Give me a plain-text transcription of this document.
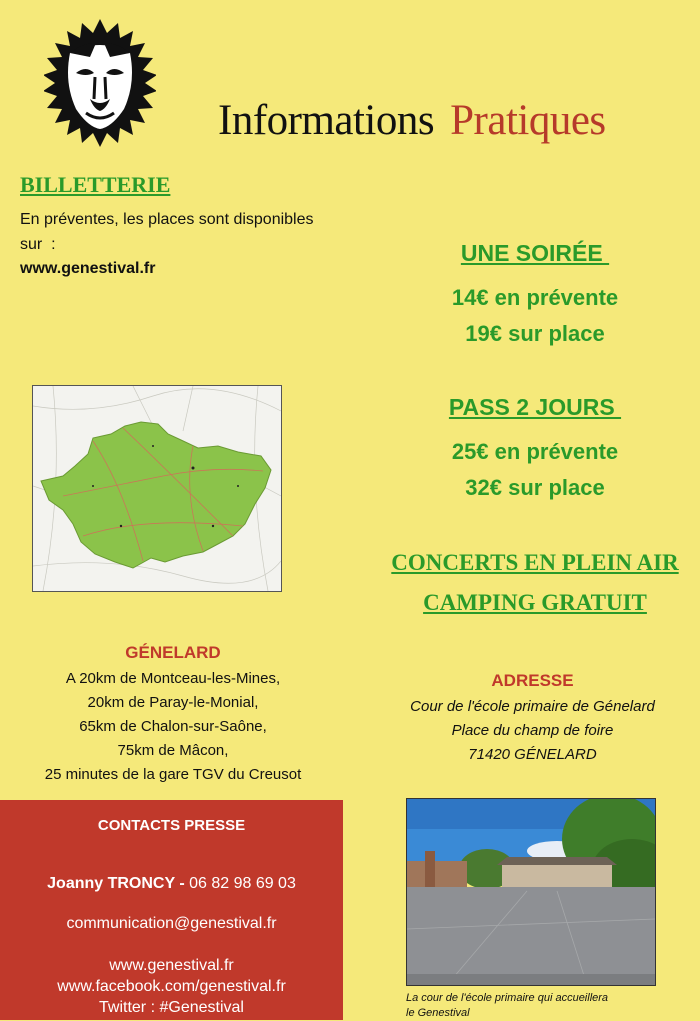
Informations Pratiques
BILLETTERIE
En préventes, les places sont disponibles
sur  :
www.genestival.fr
UNE SOIRÉE
14€ en prévente
19€ sur place
PASS 2 JOURS
25€ en prévente
32€ sur place
CONCERTS EN PLEIN AIR
CAMPING GRATUIT
GÉNELARD
A 20km de Montceau-les-Mines,
20km de Paray-le-Monial,
65km de Chalon-sur-Saône,
75km de Mâcon,
25 minutes de la gare TGV du Creusot
ADRESSE
Cour de l'école primaire de Génelard
Place du champ de foire
71420 GÉNELARD
CONTACTS PRESSE
Joanny TRONCY - 06 82 98 69 03
communication@genestival.fr
www.genestival.fr
www.facebook.com/genestival.fr
Twitter : #Genestival
La cour de l'école primaire qui accueillera
le Genestival
